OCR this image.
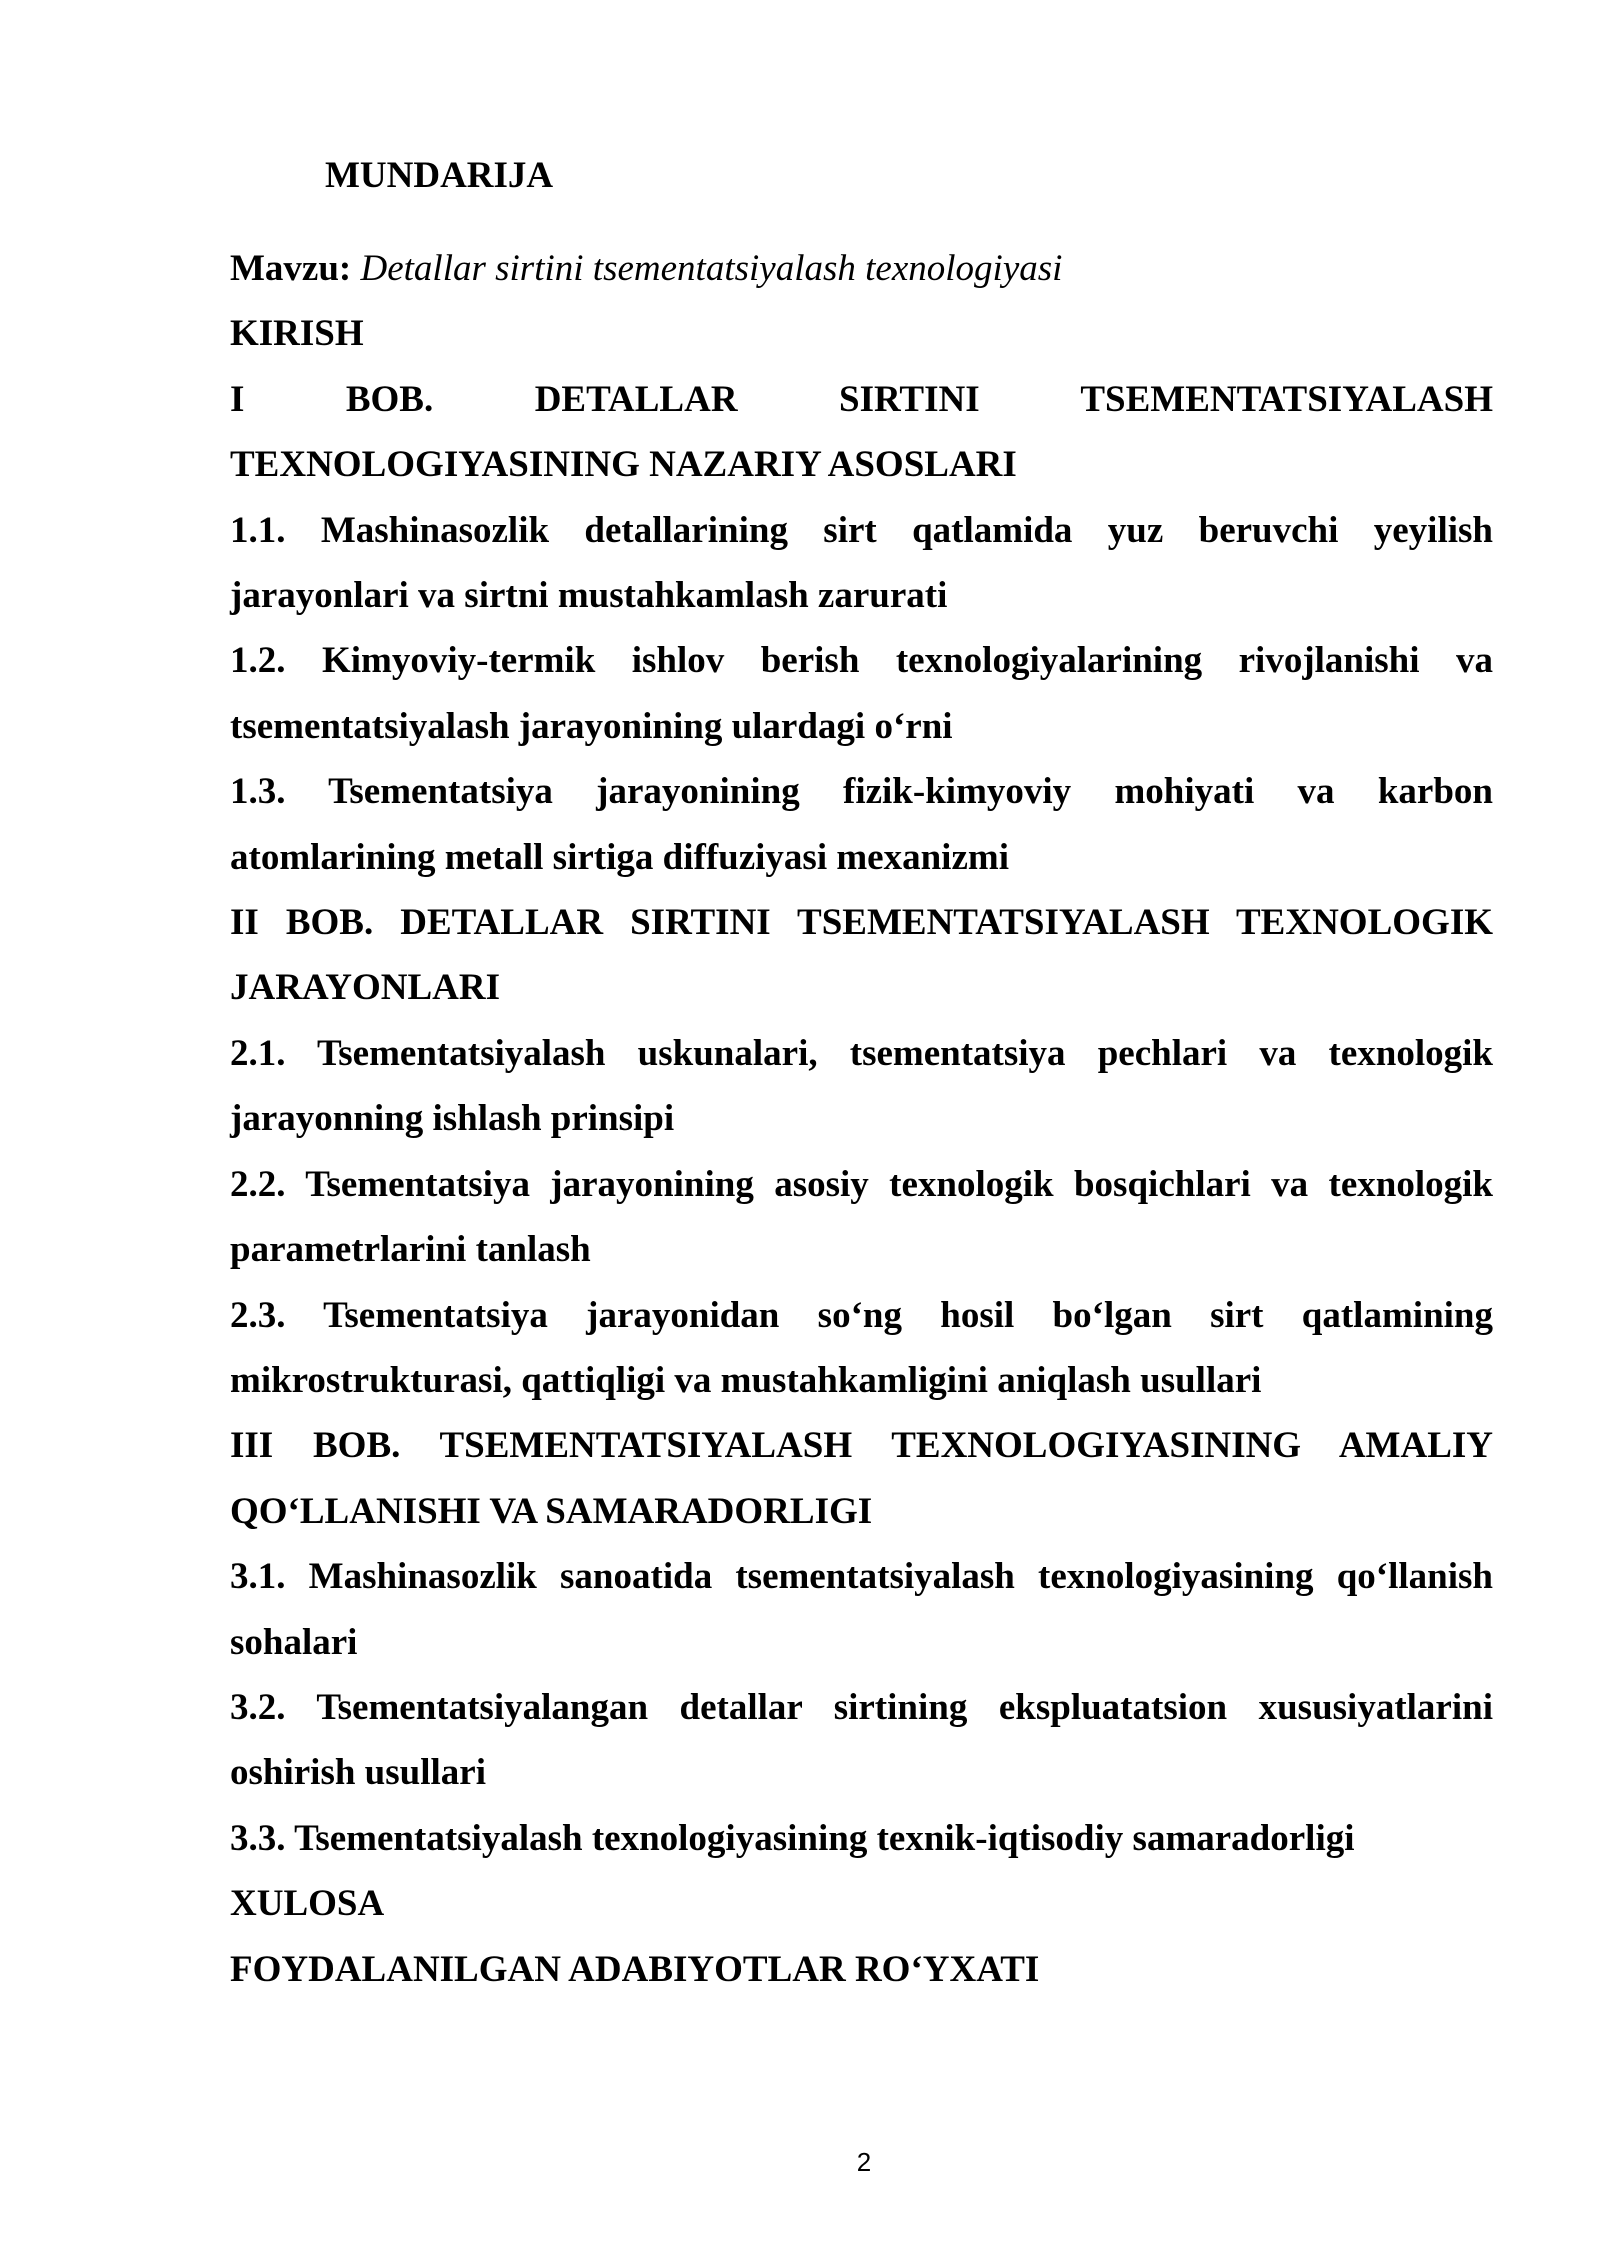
MUNDARIJA

Mavzu: Detallar sirtini tsementatsiyalash texnologiyasi

KIRISH

I BOB. DETALLAR SIRTINI TSEMENTATSIYALASH TEXNOLOGIYASINING NAZARIY ASOSLARI

1.1. Mashinasozlik detallarining sirt qatlamida yuz beruvchi yeyilish jarayonlari va sirtni mustahkamlash zarurati

1.2. Kimyoviy-termik ishlov berish texnologiyalarining rivojlanishi va tsementatsiyalash jarayonining ulardagi o‘rni

1.3. Tsementatsiya jarayonining fizik-kimyoviy mohiyati va karbon atomlarining metall sirtiga diffuziyasi mexanizmi

II BOB. DETALLAR SIRTINI TSEMENTATSIYALASH TEXNOLOGIK JARAYONLARI

2.1. Tsementatsiyalash uskunalari, tsementatsiya pechlari va texnologik jarayonning ishlash prinsipi

2.2. Tsementatsiya jarayonining asosiy texnologik bosqichlari va texnologik parametrlarini tanlash

2.3. Tsementatsiya jarayonidan so‘ng hosil bo‘lgan sirt qatlamining mikrostrukturasi, qattiqligi va mustahkamligini aniqlash usullari

III BOB. TSEMENTATSIYALASH TEXNOLOGIYASINING AMALIY QO‘LLANISHI VA SAMARADORLIGI

3.1. Mashinasozlik sanoatida tsementatsiyalash texnologiyasining qo‘llanish sohalari

3.2. Tsementatsiyalangan detallar sirtining ekspluatatsion xususiyatlarini oshirish usullari

3.3. Tsementatsiyalash texnologiyasining texnik-iqtisodiy samaradorligi

XULOSA

FOYDALANILGAN ADABIYOTLAR RO‘YXATI

2
